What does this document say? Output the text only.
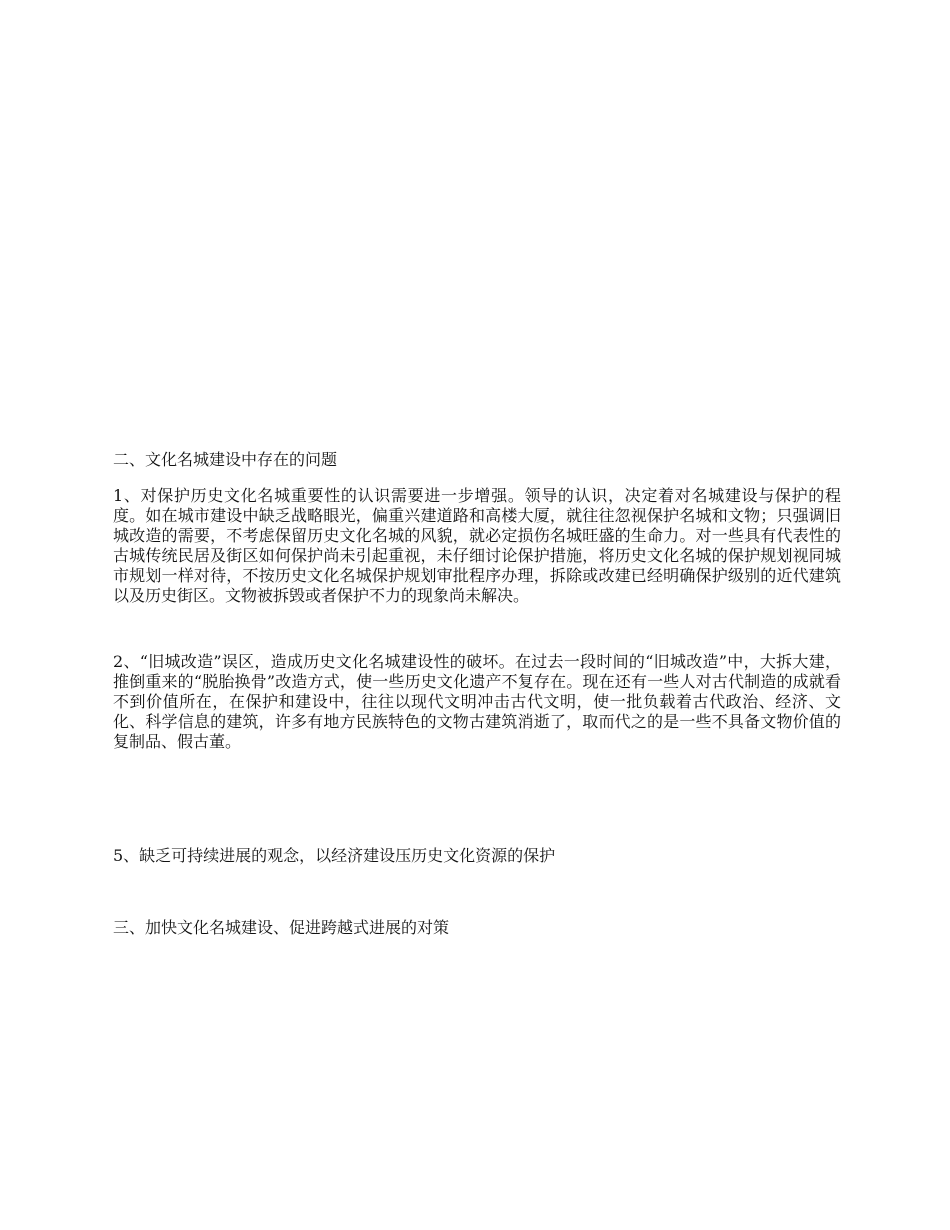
二、文化名城建设中存在的问题

1、对保护历史文化名城重要性的认识需要进一步增强。领导的认识，决定着对名城建设与保护的程度。如在城市建设中缺乏战略眼光，偏重兴建道路和高楼大厦，就往往忽视保护名城和文物；只强调旧城改造的需要，不考虑保留历史文化名城的风貌，就必定损伤名城旺盛的生命力。对一些具有代表性的古城传统民居及街区如何保护尚未引起重视，未仔细讨论保护措施，将历史文化名城的保护规划视同城市规划一样对待，不按历史文化名城保护规划审批程序办理，拆除或改建已经明确保护级别的近代建筑以及历史街区。文物被拆毁或者保护不力的现象尚未解决。

2、“旧城改造”误区，造成历史文化名城建设性的破坏。在过去一段时间的“旧城改造”中，大拆大建，推倒重来的“脱胎换骨”改造方式，使一些历史文化遗产不复存在。现在还有一些人对古代制造的成就看不到价值所在，在保护和建设中，往往以现代文明冲击古代文明，使一批负载着古代政治、经济、文化、科学信息的建筑，许多有地方民族特色的文物古建筑消逝了，取而代之的是一些不具备文物价值的复制品、假古董。

5、缺乏可持续进展的观念，以经济建设压历史文化资源的保护

三、加快文化名城建设、促进跨越式进展的对策
